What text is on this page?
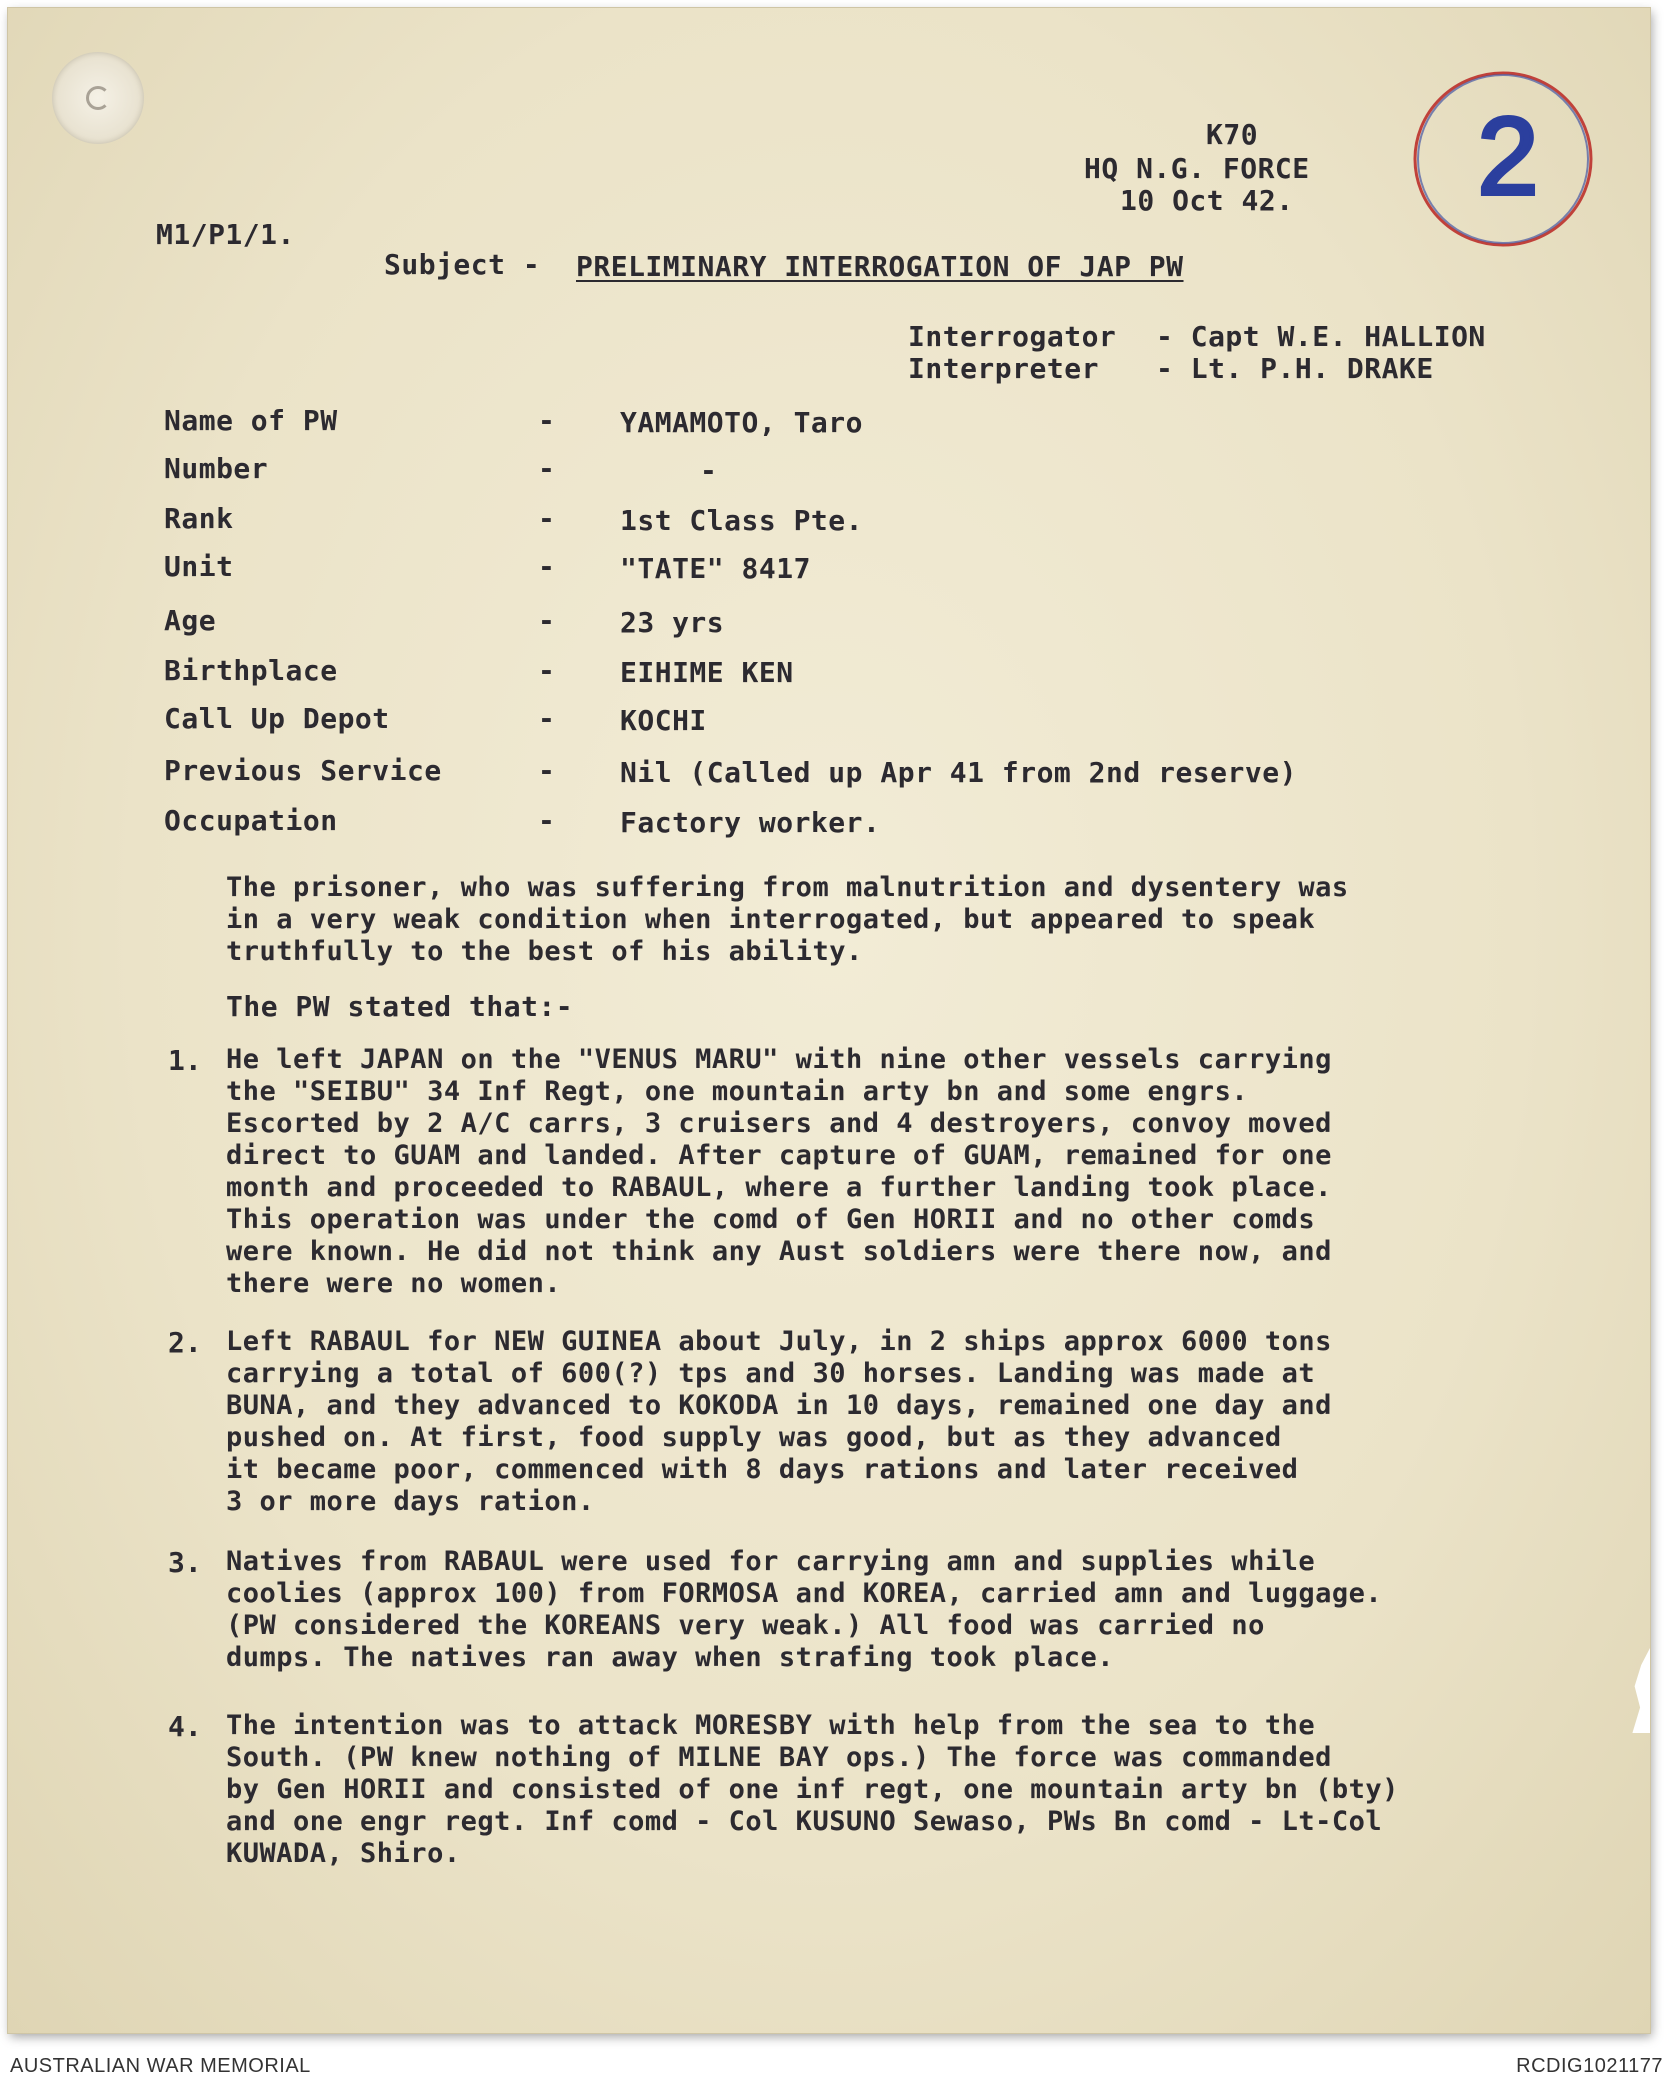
2
K70
HQ N.G. FORCE
10 Oct 42.
M1/P1/1.
Subject - PRELIMINARY INTERROGATION OF JAP PW
Interrogator - Capt W.E. HALLION
Interpreter - Lt. P.H. DRAKE
Name of PW	- YAMAMOTO, Taro
Number	-	-
Rank	- 1st Class Pte.
Unit	- "TATE" 8417
Age	- 23 yrs
Birthplace	- EIHIME KEN
Call Up Depot	- KOCHI
Previous Service	- Nil (Called up Apr 41 from 2nd reserve)
Occupation	- Factory worker.
The prisoner, who was suffering from malnutrition and dysentery was
in a very weak condition when interrogated, but appeared to speak
truthfully to the best of his ability.
The PW stated that:-
1. He left JAPAN on the "VENUS MARU" with nine other vessels carrying
the "SEIBU" 34 Inf Regt, one mountain arty bn and some engrs.
Escorted by 2 A/C carrs, 3 cruisers and 4 destroyers, convoy moved
direct to GUAM and landed. After capture of GUAM, remained for one
month and proceeded to RABAUL, where a further landing took place.
This operation was under the comd of Gen HORII and no other comds
were known. He did not think any Aust soldiers were there now, and
there were no women.
2. Left RABAUL for NEW GUINEA about July, in 2 ships approx 6000 tons
carrying a total of 600(?) tps and 30 horses. Landing was made at
BUNA, and they advanced to KOKODA in 10 days, remained one day and
pushed on. At first, food supply was good, but as they advanced
it became poor, commenced with 8 days rations and later received
3 or more days ration.
3. Natives from RABAUL were used for carrying amn and supplies while
coolies (approx 100) from FORMOSA and KOREA, carried amn and luggage.
(PW considered the KOREANS very weak.) All food was carried no
dumps. The natives ran away when strafing took place.
4. The intention was to attack MORESBY with help from the sea to the
South. (PW knew nothing of MILNE BAY ops.) The force was commanded
by Gen HORII and consisted of one inf regt, one mountain arty bn (bty)
and one engr regt. Inf comd - Col KUSUNO Sewaso, PWs Bn comd - Lt-Col
KUWADA, Shiro.
AUSTRALIAN WAR MEMORIAL	RCDIG1021177
